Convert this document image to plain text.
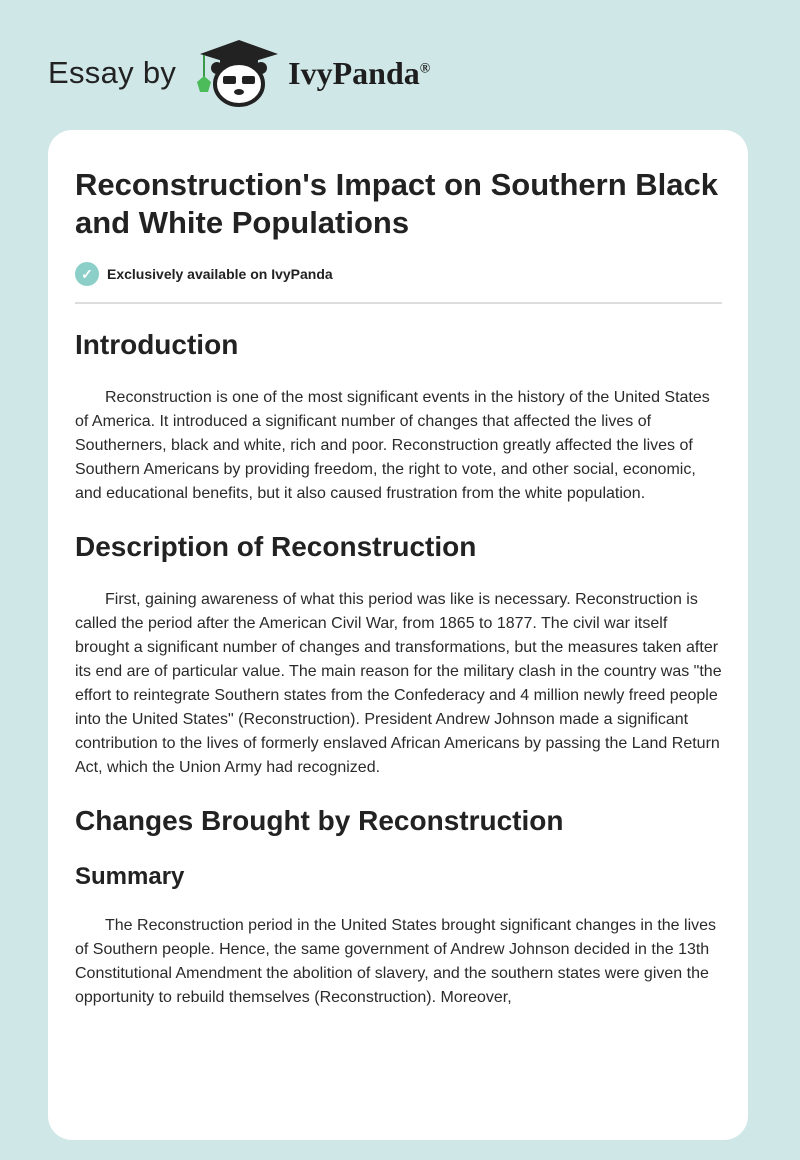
Essay by	IvyPanda®
Reconstruction's Impact on Southern Black and White Populations
✓	Exclusively available on IvyPanda
Introduction

Reconstruction is one of the most significant events in the history of the United States of America. It introduced a significant number of changes that affected the lives of Southerners, black and white, rich and poor. Reconstruction greatly affected the lives of Southern Americans by providing freedom, the right to vote, and other social, economic, and educational benefits, but it also caused frustration from the white population.

Description of Reconstruction

First, gaining awareness of what this period was like is necessary. Reconstruction is called the period after the American Civil War, from 1865 to 1877. The civil war itself brought a significant number of changes and transformations, but the measures taken after its end are of particular value. The main reason for the military clash in the country was "the effort to reintegrate Southern states from the Confederacy and 4 million newly freed people into the United States" (Reconstruction). President Andrew Johnson made a significant contribution to the lives of formerly enslaved African Americans by passing the Land Return Act, which the Union Army had recognized.

Changes Brought by Reconstruction
Summary

The Reconstruction period in the United States brought significant changes in the lives of Southern people. Hence, the same government of Andrew Johnson decided in the 13th Constitutional Amendment the abolition of slavery, and the southern states were given the opportunity to rebuild themselves (Reconstruction). Moreover,
